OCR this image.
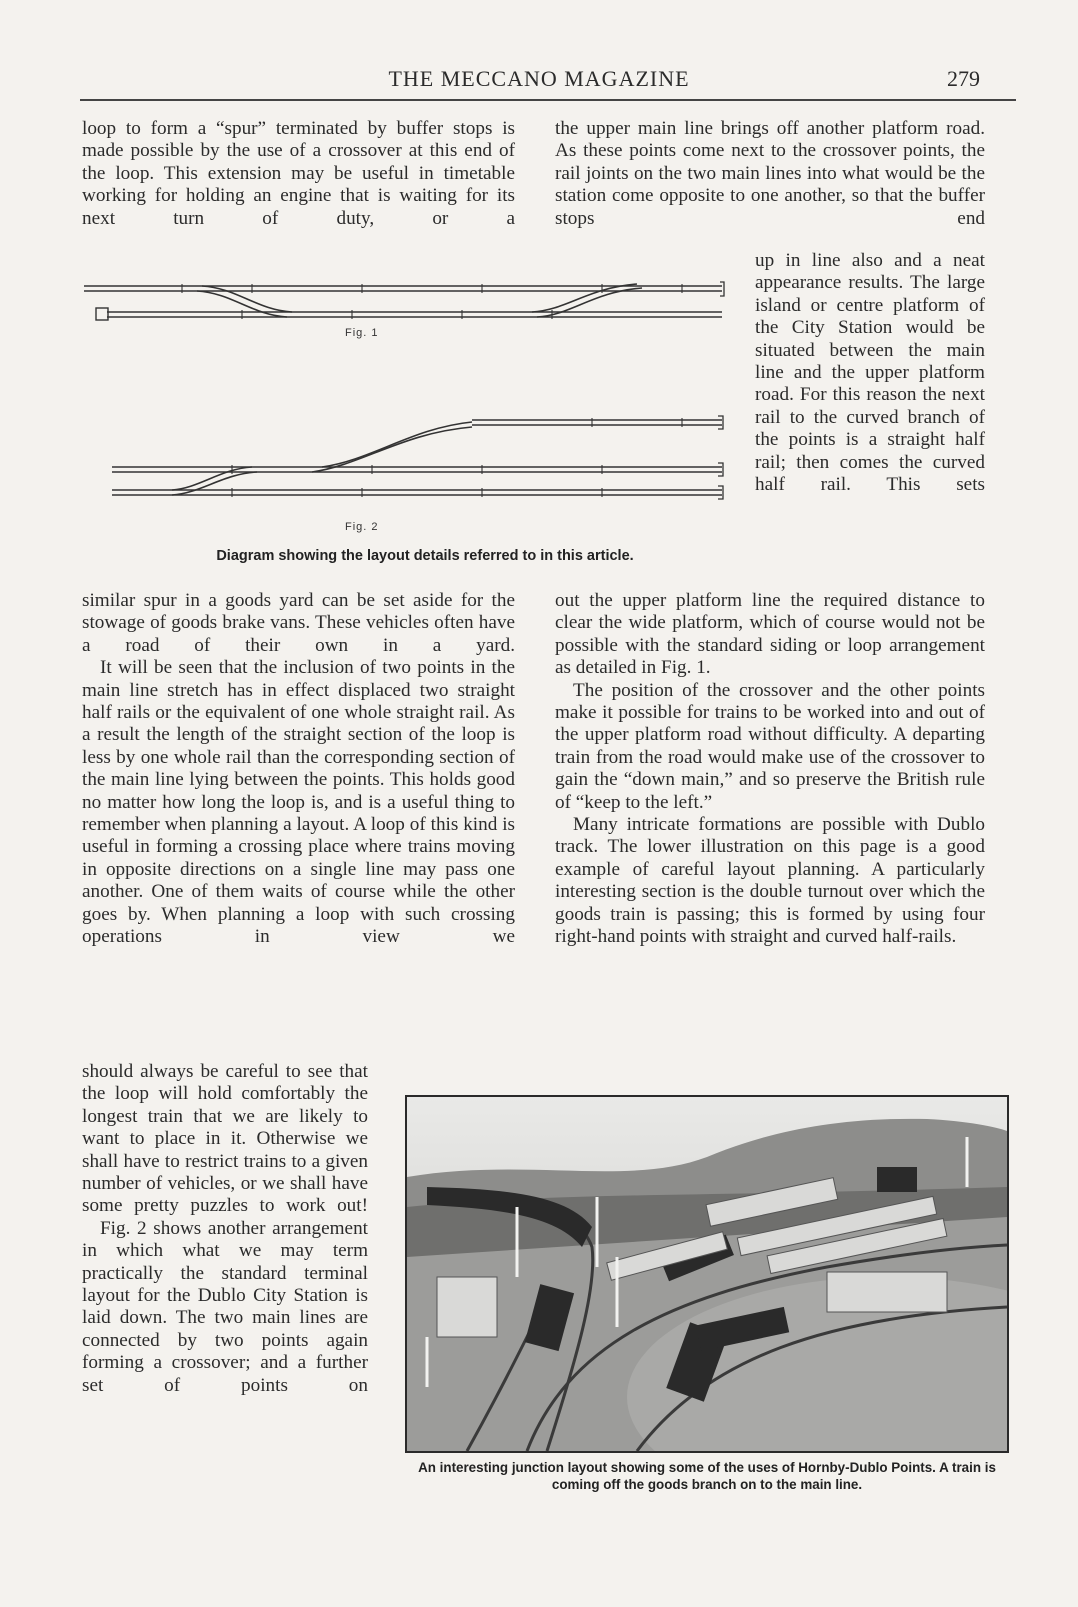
THE MECCANO MAGAZINE	279

loop to form a “spur” terminated by buffer stops is made possible by the use of a crossover at this end of the loop. This extension may be useful in timetable working for holding an engine that is waiting for its next turn of duty, or a

the upper main line brings off another platform road. As these points come next to the crossover points, the rail joints on the two main lines into what would be the station come opposite to one another, so that the buffer stops end

up in line also and a neat appearance results. The large island or centre platform of the City Station would be situated between the main line and the upper platform road. For this reason the next rail to the curved branch of the points is a straight half rail; then comes the curved half rail. This sets

Fig. 1
Fig. 2
Diagram showing the layout details referred to in this article.

similar spur in a goods yard can be set aside for the stowage of goods brake vans. These vehicles often have a road of their own in a yard.

It will be seen that the inclusion of two points in the main line stretch has in effect displaced two straight half rails or the equivalent of one whole straight rail. As a result the length of the straight section of the loop is less by one whole rail than the corresponding section of the main line lying between the points. This holds good no matter how long the loop is, and is a useful thing to remember when planning a layout. A loop of this kind is useful in forming a crossing place where trains moving in opposite directions on a single line may pass one another. One of them waits of course while the other goes by. When planning a loop with such crossing operations in view we

should always be careful to see that the loop will hold comfortably the longest train that we are likely to want to place in it. Otherwise we shall have to restrict trains to a given number of vehicles, or we shall have some pretty puzzles to work out!

Fig. 2 shows another arrangement in which what we may term practically the standard terminal layout for the Dublo City Station is laid down. The two main lines are connected by two points again forming a crossover; and a further set of points on

out the upper platform line the required distance to clear the wide platform, which of course would not be possible with the standard siding or loop arrangement as detailed in Fig. 1.

The position of the crossover and the other points make it possible for trains to be worked into and out of the upper platform road without difficulty. A departing train from the road would make use of the crossover to gain the “down main,” and so preserve the British rule of “keep to the left.”

Many intricate formations are possible with Dublo track. The lower illustration on this page is a good example of careful layout planning. A particularly interesting section is the double turnout over which the goods train is passing; this is formed by using four right-hand points with straight and curved half-rails.

An interesting junction layout showing some of the uses of Hornby-Dublo Points. A train is coming off the goods branch on to the main line.
